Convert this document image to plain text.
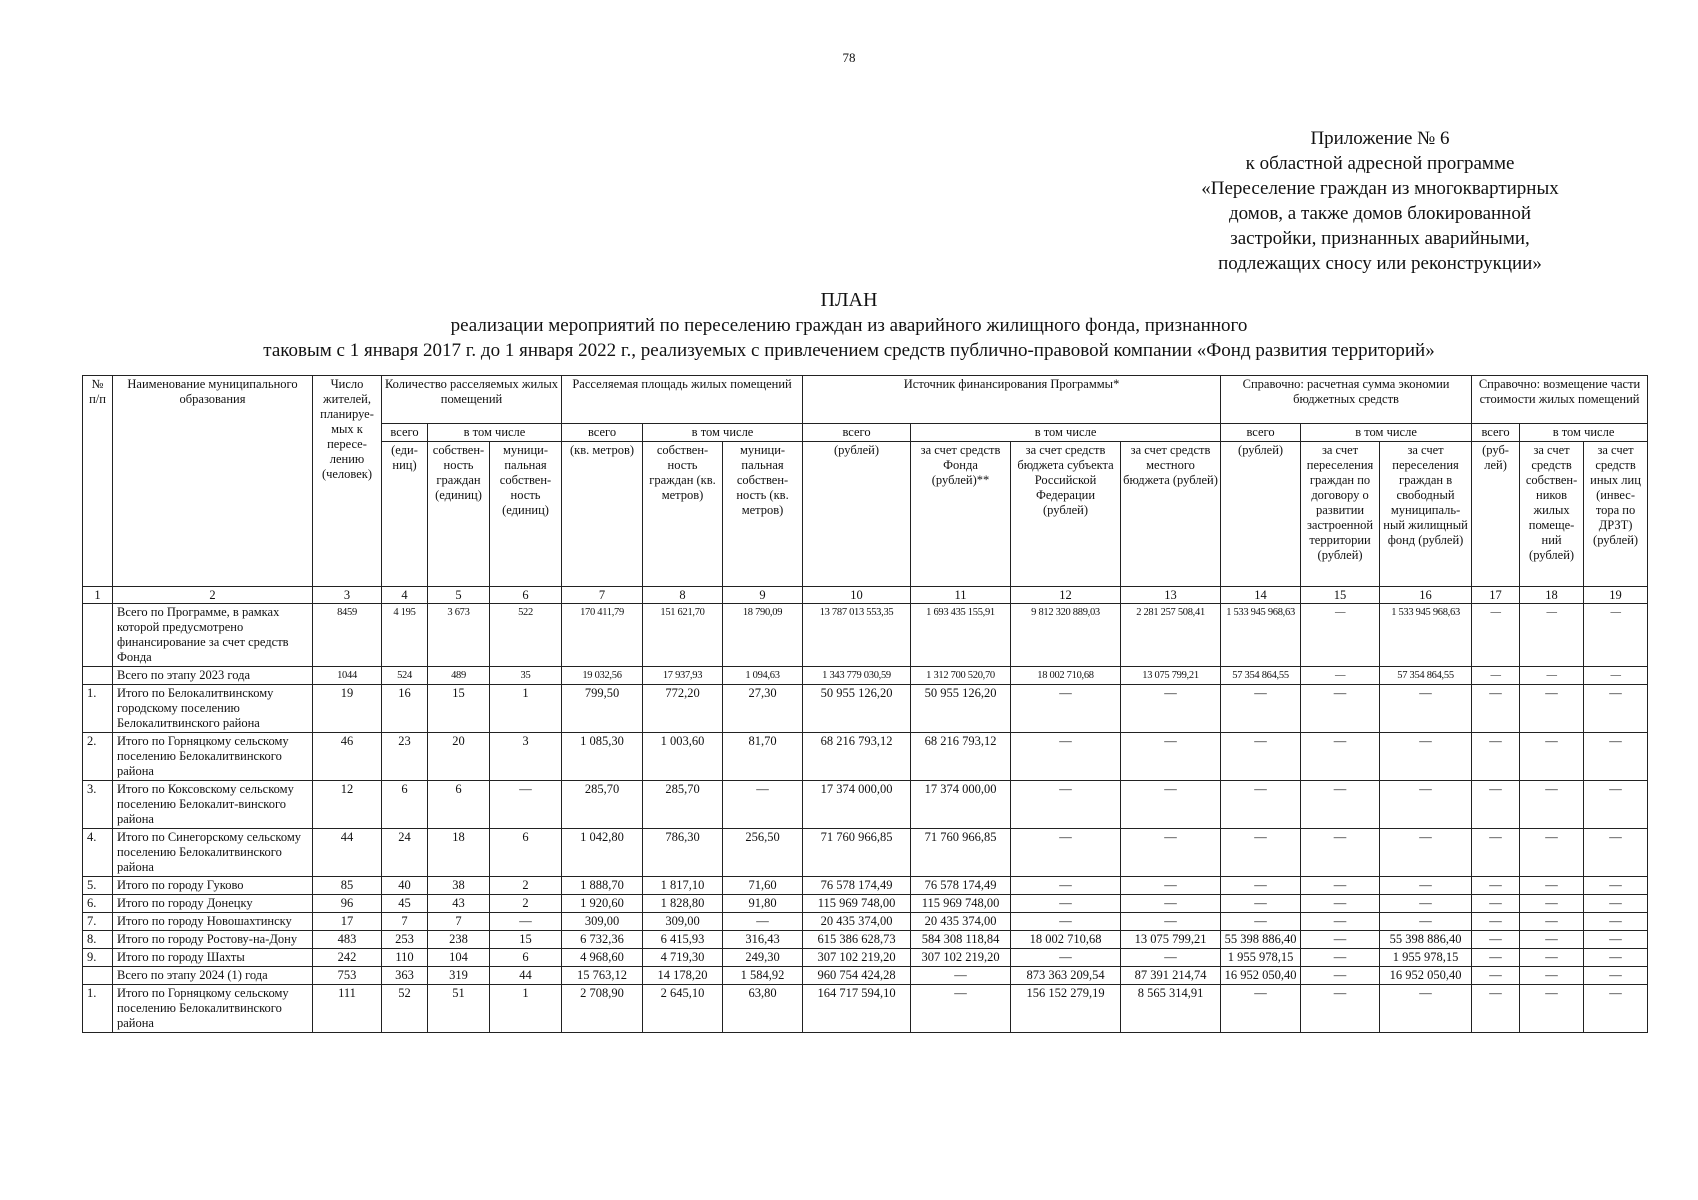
78
Приложение № 6
к областной адресной программе
«Переселение граждан из многоквартирных
домов, а также домов блокированной
застройки, признанных аварийными,
подлежащих сносу или реконструкции»
ПЛАН
реализации мероприятий по переселению граждан из аварийного жилищного фонда, признанного
таковым с 1 января 2017 г. до 1 января 2022 г., реализуемых с привлечением средств публично-правовой компании «Фонд развития территорий»
№ п/п	Наименование муниципального образования	Число жителей, планируе-мых к пересе-лению (человек)	Количество расселяемых жилых помещений			Расселяемая площадь жилых помещений			Источник финансирования Программы*				Справочно: расчетная сумма экономии бюджетных средств			Справочно: возмещение части стоимости жилых помещений		
			всего	в том числе		всего	в том числе		всего	в том числе			всего	в том числе		всего	в том числе	
			(еди-ниц)	собствен-ность граждан (единиц)	муници-пальная собствен-ность (единиц)	(кв. метров)	собствен-ность граждан (кв. метров)	муници-пальная собствен-ность (кв. метров)	(рублей)	за счет средств Фонда (рублей)**	за счет средств бюджета субъекта Российской Федерации (рублей)	за счет средств местного бюджета (рублей)	(рублей)	за счет переселения граждан по договору о развитии застроенной территории (рублей)	за счет переселения граждан в свободный муниципаль-ный жилищный фонд (рублей)	(руб-лей)	за счет средств собствен-ников жилых помеще-ний (рублей)	за счет средств иных лиц (инвес-тора по ДРЗТ) (рублей)
1	2	3	4	5	6	7	8	9	10	11	12	13	14	15	16	17	18	19
	Всего по Программе, в рамках которой предусмотрено финансирование за счет средств Фонда	8459	4 195	3 673	522	170 411,79	151 621,70	18 790,09	13 787 013 553,35	1 693 435 155,91	9 812 320 889,03	2 281 257 508,41	1 533 945 968,63	—	1 533 945 968,63	—	—	—
	Всего по этапу 2023 года	1044	524	489	35	19 032,56	17 937,93	1 094,63	1 343 779 030,59	1 312 700 520,70	18 002 710,68	13 075 799,21	57 354 864,55	—	57 354 864,55	—	—	—
1.	Итого по Белокалитвинскому городскому поселению Белокалитвинского района	19	16	15	1	799,50	772,20	27,30	50 955 126,20	50 955 126,20	—	—	—	—	—	—	—	—
2.	Итого по Горняцкому сельскому поселению Белокалитвинского района	46	23	20	3	1 085,30	1 003,60	81,70	68 216 793,12	68 216 793,12	—	—	—	—	—	—	—	—
3.	Итого по Коксовскому сельскому поселению Белокалит-винского района	12	6	6	—	285,70	285,70	—	17 374 000,00	17 374 000,00	—	—	—	—	—	—	—	—
4.	Итого по Синегорскому сельскому поселению Белокалитвинского района	44	24	18	6	1 042,80	786,30	256,50	71 760 966,85	71 760 966,85	—	—	—	—	—	—	—	—
5.	Итого по городу Гуково	85	40	38	2	1 888,70	1 817,10	71,60	76 578 174,49	76 578 174,49	—	—	—	—	—	—	—	—
6.	Итого по городу Донецку	96	45	43	2	1 920,60	1 828,80	91,80	115 969 748,00	115 969 748,00	—	—	—	—	—	—	—	—
7.	Итого по городу Новошахтинску	17	7	7	—	309,00	309,00	—	20 435 374,00	20 435 374,00	—	—	—	—	—	—	—	—
8.	Итого по городу Ростову-на-Дону	483	253	238	15	6 732,36	6 415,93	316,43	615 386 628,73	584 308 118,84	18 002 710,68	13 075 799,21	55 398 886,40	—	55 398 886,40	—	—	—
9.	Итого по городу Шахты	242	110	104	6	4 968,60	4 719,30	249,30	307 102 219,20	307 102 219,20	—	—	1 955 978,15	—	1 955 978,15	—	—	—
	Всего по этапу 2024 (1) года	753	363	319	44	15 763,12	14 178,20	1 584,92	960 754 424,28	—	873 363 209,54	87 391 214,74	16 952 050,40	—	16 952 050,40	—	—	—
1.	Итого по Горняцкому сельскому поселению Белокалитвинского района	111	52	51	1	2 708,90	2 645,10	63,80	164 717 594,10	—	156 152 279,19	8 565 314,91	—	—	—	—	—	—
